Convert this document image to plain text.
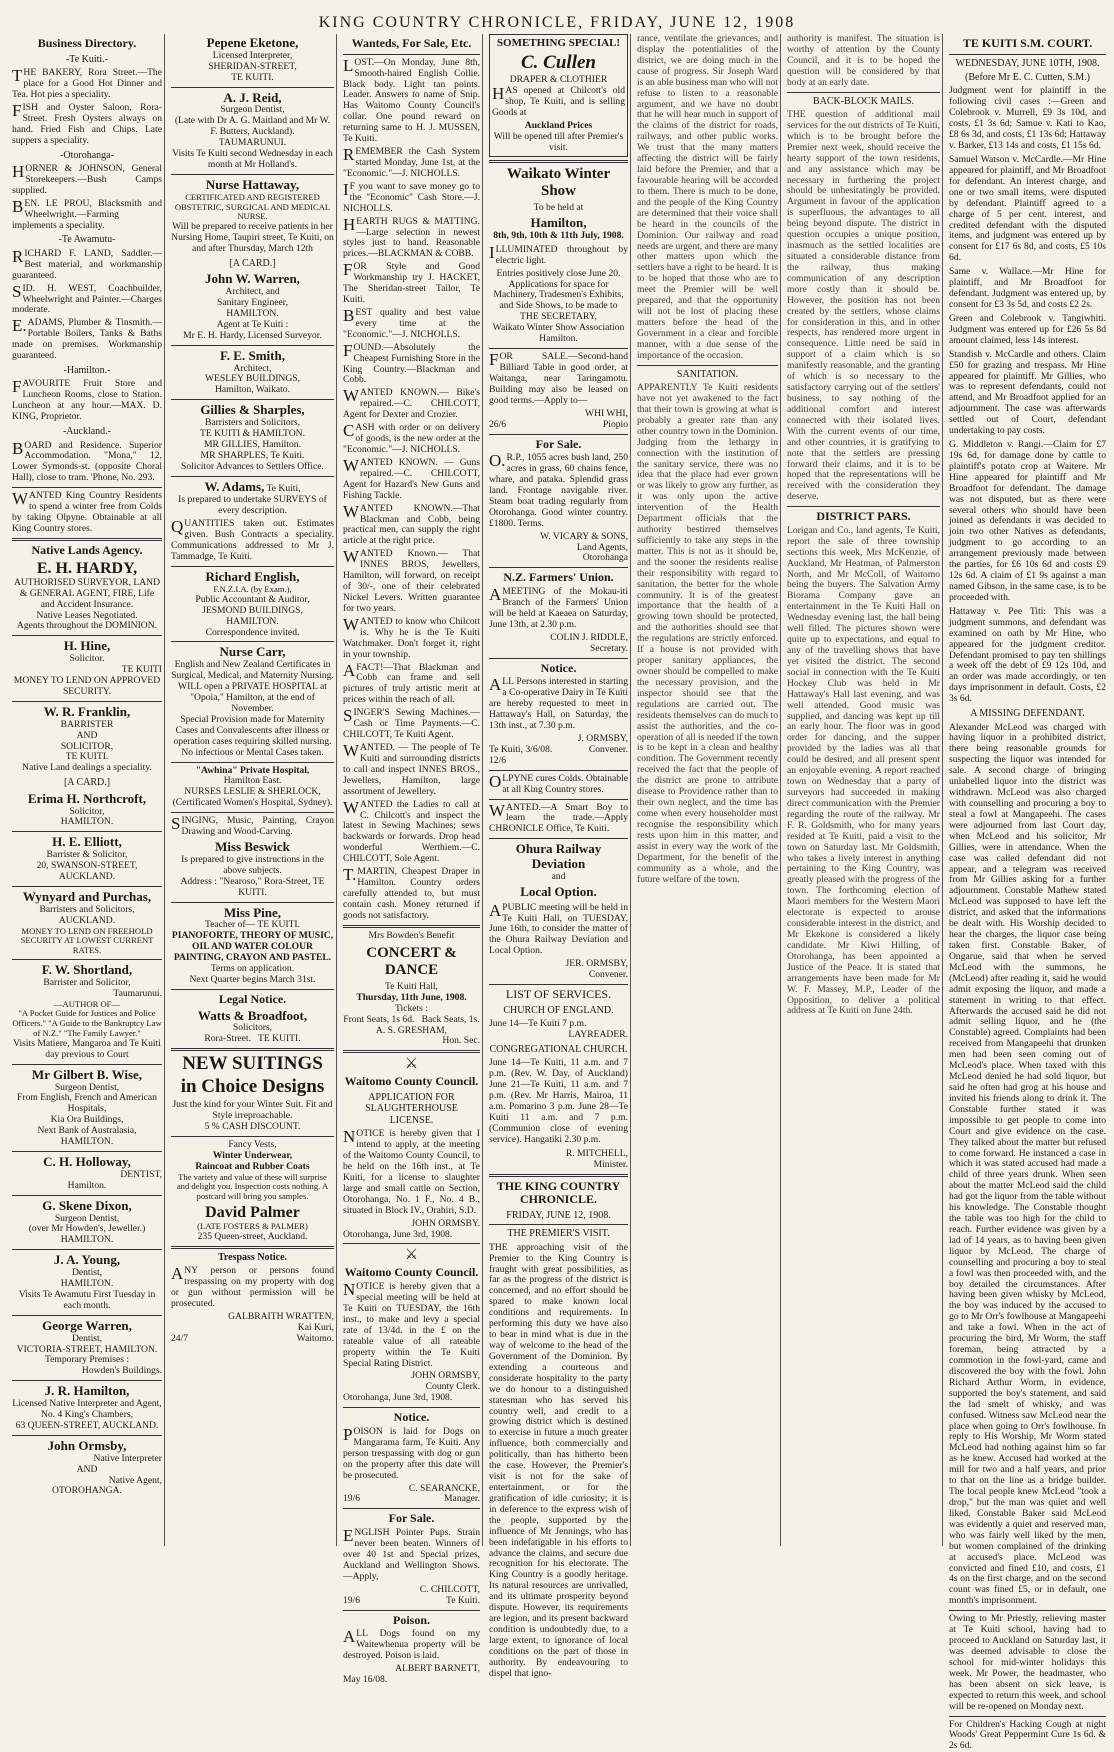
KING COUNTRY CHRONICLE, FRIDAY, JUNE 12, 1908
Business Directory.
-Te Kuiti.-

THE BAKERY, Rora Street.—The place for a Good Hot Dinner and Tea. Hot pies a speciality.

FISH and Oyster Saloon, Rora-Street. Fresh Oysters always on hand. Fried Fish and Chips. Late suppers a speciality.

-Otorohanga-

HORNER & JOHNSON, General Storekeepers.—Bush Camps supplied.

BEN. LE PROU, Blacksmith and Wheelwright.—Farming implements a speciality.

-Te Awamutu-

RICHARD F. LAND, Saddler.—Best material, and workmanship guaranteed.

SID. H. WEST, Coachbuilder, Wheelwright and Painter.—Charges moderate.

E.ADAMS, Plumber & Tinsmith.—Portable Boilers, Tanks & Baths made on premises. Workmanship guaranteed.

-Hamilton.-

FAVOURITE Fruit Store and Luncheon Rooms, close to Station. Luncheon at any hour.—MAX. D. KING, Proprietor.

-Auckland.-

BOARD and Residence. Superior Accommodation. "Mona," 12, Lower Symonds-st. (opposite Choral Hall), close to tram. 'Phone, No. 293.

WANTED King Country Residents to spend a winter free from Colds by taking Olpyne. Obtainable at all King Country stores.

Native Lands Agency.
E. H. HARDY,
AUTHORISED SURVEYOR, LAND & GENERAL AGENT, FIRE, Life and Accident Insurance.
Native Leases Negotiated.
Agents throughout the DOMINION.
H. Hine,
Solicitor.
TE KUITI
MONEY TO LEND ON APPROVED SECURITY.
W. R. Franklin,
BARRISTER
AND
SOLICITOR,
TE KUITI.
Native Land dealings a speciality.
[A CARD.]
Erima H. Northcroft,
Solicitor,
HAMILTON.
H. E. Elliott,
Barrister & Solicitor,
20, SWANSON-STREET,
AUCKLAND.
Wynyard and Purchas,
Barristers and Solicitors,
AUCKLAND.
MONEY TO LEND ON FREEHOLD SECURITY AT LOWEST CURRENT RATES.
F. W. Shortland,
Barrister and Solicitor,
Taumarunui.
—AUTHOR OF—
"A Pocket Guide for Justices and Police Officers." "A Guide to the Bankruptcy Law of N.Z." "The Family Lawyer."
Visits Matiere, Mangaroa and Te Kuiti day previous to Court
Mr Gilbert B. Wise,
Surgeon Dentist,
From English, French and American Hospitals,
Kia Ora Buildings,
Next Bank of Australasia,
HAMILTON.
C. H. Holloway,
DENTIST,
Hamilton.
G. Skene Dixon,
Surgeon Dentist,
(over Mr Howden's, Jeweller.)
HAMILTON.
J. A. Young,
Dentist,
HAMILTON.
Visits Te Awamutu First Tuesday in each month.
George Warren,
Dentist,
VICTORIA-STREET, HAMILTON.
Temporary Premises :
Howden's Buildings.
J. R. Hamilton,
Licensed Native Interpreter and Agent,
No. 4 King's Chambers,
63 QUEEN-STREET, AUCKLAND.
John Ormsby,
Native Interpreter
AND
Native Agent,
OTOROHANGA.
Pepene Eketone,
Licensed Interpreter,
SHERIDAN-STREET,
TE KUITI.
A. J. Reid,
Surgeon Dentist,
(Late with Dr A. G. Maitland and Mr W. F. Butters, Auckland).
TAUMARUNUI.
Visits Te Kuiti second Wednesday in each month at Mr Holland's.
Nurse Hattaway,
CERTIFICATED AND REGISTERED OBSTETRIC, SURGICAL AND MEDICAL NURSE.
Will be prepared to receive patients in her Nursing Home, Taupiri street, Te Kuiti, on and after Thursday, March 12th
[A CARD.]
John W. Warren,
Architect, and
Sanitary Engineer,
HAMILTON.
Agent at Te Kuiti :
Mr E. H. Hardy, Licensed Surveyor.
F. E. Smith,
Architect,
WESLEY BUILDINGS,
Hamilton, Waikato.
Gillies & Sharples,
Barristers and Solicitors,
TE KUITI & HAMILTON.
MR GILLIES, Hamilton.
MR SHARPLES, Te Kuiti.
Solicitor Advances to Settlers Office.
W. Adams, Te Kuiti,
Is prepared to undertake SURVEYS of every description.

QUANTITIES taken out. Estimates given. Bush Contracts a speciality. Communications addressed to Mr J. Tammadge, Te Kuiti.

Richard English,
F.N.Z.I.A. (by Exam.),
Public Accountant & Auditor,
JESMOND BUILDINGS,
HAMILTON.
Correspondence invited.
Nurse Carr,
English and New Zealand Certificates in Surgical, Medical, and Maternity Nursing.
WILL open a PRIVATE HOSPITAL at "Opoia," Hamilton, at the end of November.
Special Provision made for Maternity Cases and Convalescents after illness or operation cases requiring skilled nursing.
No infectious or Mental Cases taken.
"Awhina" Private Hospital,
Hamilton East.
NURSES LESLIE & SHERLOCK,
(Certificated Women's Hospital, Sydney).

SINGING, Music, Painting, Crayon Drawing and Wood-Carving.

Miss Beswick
Is prepared to give instructions in the above subjects.
Address : "Nearoso," Rora-Street, TE KUITI.
Miss Pine,
Teacher of— TE KUITI.
PIANOFORTE, THEORY OF MUSIC, OIL AND WATER COLOUR PAINTING, CRAYON AND PASTEL.
Terms on application.
Next Quarter begins March 31st.
Legal Notice.
Watts & Broadfoot,
Solicitors,
Rora-Street. TE KUITI.
NEW SUITINGS
in Choice Designs
Just the kind for your Winter Suit. Fit and Style irreproachable.
5 % CASH DISCOUNT.
Fancy Vests,
Winter Underwear,
Raincoat and Rubber Coats
The variety and value of these will surprise and delight you. Inspection costs nothing. A postcard will bring you samples.
David Palmer
(LATE FOSTERS & PALMER)
235 Queen-street, Auckland.
Trespass Notice.

ANY person or persons found trespassing on my property with dog or gun without permission will be prosecuted.

GALBRAITH WRATTEN,
Kai Kuri,
24/7	Waitomo.
Wanteds, For Sale, Etc.

LOST.—On Monday, June 8th, Smooth-haired English Collie. Black body. Light tan points. Leader. Answers to name of Snip. Has Waitomo County Council's collar. One pound reward on returning same to H. J. MUSSEN, Te Kuiti.

REMEMBER the Cash System started Monday, June 1st, at the "Economic."—J. NICHOLLS.

IF you want to save money go to the "Economic" Cash Store.—J. NICHOLLS.

HEARTH RUGS & MATTING.—Large selection in newest styles just to hand. Reasonable prices.—BLACKMAN & COBB.

FOR Style and Good Workmanship try J. HACKET, The Sheridan-street Tailor, Te Kuiti.

BEST quality and best value every time at the "Economic."—J. NICHOLLS.

FOUND.—Absolutely the Cheapest Furnishing Store in the King Country.—Blackman and Cobb.

WANTED KNOWN.— Bike's repaired.—C. CHILCOTT, Agent for Dexter and Crozier.

CASH with order or on delivery of goods, is the new order at the "Economic."—J. NICHOLLS.

WANTED KNOWN. — Guns repaired.—C. CHILCOTT, Agent for Hazard's New Guns and Fishing Tackle.

WANTED KNOWN.—That Blackman and Cobb, being practical men, can supply the right article at the right price.

WANTED Known.— That INNES BROS, Jewellers, Hamilton, will forward, on receipt of 30/-, one of their celebrated Nickel Levers. Written guarantee for two years.

WANTED to know who Chilcott is. Why he is the Te Kuiti Watchmaker. Don't forget it, right in your township.

AFACT!—That Blackman and Cobb can frame and sell pictures of truly artistic merit at prices within the reach of all.

SINGER'S Sewing Machines.—Cash or Time Payments.—C. CHILCOTT, Te Kuiti Agent.

WANTED. — The people of Te Kuiti and surrounding districts to call and inspect INNES BROS., Jewellers, Hamilton, large assortment of Jewellery.

WANTED the Ladies to call at C. Chilcott's and inspect the latest in Sewing Machines; sews backwards or forwards. Drop head wonderful Werthiem.—C. CHILCOTT, Sole Agent.

T.MARTIN, Cheapest Draper in Hamilton. Country orders carefully attended to, but must contain cash. Money returned if goods not satisfactory.

Mrs Bowden's Benefit
CONCERT & DANCE
Te Kuiti Hall,
Thursday, 11th June, 1908.
Tickets :
Front Seats, 1s 6d. Back Seats, 1s.
A. S. GRESHAM,
Hon. Sec.
⚔
Waitomo County Council.
APPLICATION FOR SLAUGHTERHOUSE LICENSE.

NOTICE is hereby given that I intend to apply, at the meeting of the Waitomo County Council, to be held on the 16th inst., at Te Kuiti, for a license to slaughter large and small cattle on Section, Otorohanga, No. 1 F., No. 4 B., situated in Block IV., Orahiri, S.D.

JOHN ORMSBY.
Otorohanga, June 3rd, 1908.
⚔
Waitomo County Council.

NOTICE is hereby given that a special meeting will be held at Te Kuiti on TUESDAY, the 16th inst., to make and levy a special rate of 13/4d. in the £ on the rateable value of all rateable property within the Te Kuiti Special Rating District.

JOHN ORMSBY,
County Clerk.
Otorohanga, June 3rd, 1908.
Notice.

POISON is laid for Dogs on Mangarama farm, Te Kuiti. Any person trespassing with dog or gun on the property after this date will be prosecuted.

C. SEARANCKE,
19/6	Manager.
For Sale.

ENGLISH Pointer Pups. Strain never been beaten. Winners of over 40 1st and Special prizes, Auckland and Wellington Shows.—Apply,

C. CHILCOTT,
19/6	Te Kuiti.
Poison.

ALL Dogs found on my Waitewhenua property will be destroyed. Poison is laid.

ALBERT BARNETT,
May 16/08.
SOMETHING SPECIAL!
C. Cullen
DRAPER & CLOTHIER

HAS opened at Chilcott's old shop, Te Kuiti, and is selling Goods at

Auckland Prices
Will be opened till after Premier's visit.
Waikato Winter Show
To be held at
Hamilton,
8th, 9th, 10th & 11th July, 1908.

ILLUMINATED throughout by electric light.

Entries positively close June 20.
Applications for space for Machinery, Tradesmen's Exhibits, and Side Shows, to be made to
THE SECRETARY,
Waikato Winter Show Association
Hamilton.

FOR SALE.—Second-hand Billiard Table in good order, at Waitanga, near Taringamotu. Building may also be leased on good terms.—Apply to—

WHI WHI,
26/6	Piopio
For Sale.

O.R.P., 1055 acres bush land, 250 acres in grass, 60 chains fence, whare, and pataka. Splendid grass land. Frontage navigable river. Steam boat trading regularly from Otorohanga. Good winter country. £1800. Terms.

W. VICARY & SONS,
Land Agents,
Otorohanga
N.Z. Farmers' Union.

AMEETING of the Mokau-iti Branch of the Farmers' Union will be held at Kaeaea on Saturday, June 13th, at 2.30 p.m.

COLIN J. RIDDLE,
Secretary.
Notice.

ALL Persons interested in starting a Co-operative Dairy in Te Kuiti are hereby requested to meet in Hattaway's Hall, on Saturday, the 13th inst., at 7.30 p.m.

J. ORMSBY,
Te Kuiti, 3/6/08.	Convener.
12/6

OLPYNE cures Colds. Obtainable at all King Country stores.

WANTED.—A Smart Boy to learn the trade.—Apply CHRONICLE Office, Te Kuiti.

Ohura Railway Deviation
and
Local Option.

APUBLIC meeting will be held in Te Kuiti Hall, on TUESDAY, June 16th, to consider the matter of the Ohura Railway Deviation and Local Option.

JER. ORMSBY,
Convener.
LIST OF SERVICES.
CHURCH OF ENGLAND.
June 14—Te Kuiti 7 p.m.
LAYREADER.
CONGREGATIONAL CHURCH.

June 14—Te Kuiti, 11 a.m. and 7 p.m. (Rev. W. Day, of Auckland) June 21—Te Kuiti, 11 a.m. and 7 p.m. (Rev. Mr Harris, Mairoa, 11 a.m. Pomarino 3 p.m. June 28—Te Kuiti 11 a.m. and 7 p.m. (Communion close of evening service). Hangatiki 2.30 p.m.

R. MITCHELL,
Minister.
THE KING COUNTRY CHRONICLE.
FRIDAY, JUNE 12, 1908.
THE PREMIER'S VISIT.

THE approaching visit of the Premier to the King Country is fraught with great possibilities, as far as the progress of the district is concerned, and no effort should be spared to make known local conditions and requirements. In performing this duty we have also to bear in mind what is due in the way of welcome to the head of the Government of the Dominion. By extending a courteous and considerate hospitality to the party we do honour to a distinguished statesman who has served his country well, and credit to a growing district which is destined to exercise in future a much greater influence, both commercially and politically, than has hitherto been the case. However, the Premier's visit is not for the sake of entertainment, or for the gratification of idle curiosity; it is in deference to the express wish of the people, supported by the influence of Mr Jennings, who has been indefatigable in his efforts to advance the claims, and secure due recognition for his electorate. The King Country is a goodly heritage. Its natural resources are unrivalled, and its ultimate prosperity beyond dispute. However, its requirements are legion, and its present backward condition is undoubtedly due, to a large extent, to ignorance of local conditions on the part of those in authority. By endeavouring to dispel that igno-

rance, ventilate the grievances, and display the potentialities of the district, we are doing much in the cause of progress. Sir Joseph Ward is an able business man who will not refuse to listen to a reasonable argument, and we have no doubt that he will hear much in support of the claims of the district for roads, railways, and other public works. We trust that the many matters affecting the district will be fairly laid before the Premier, and that a favourable hearing will be accorded to them. There is much to be done, and the people of the King Country are determined that their voice shall be heard in the councils of the Dominion. Our railway and road needs are urgent, and there are many other matters upon which the settlers have a right to be heard. It is to be hoped that those who are to meet the Premier will be well prepared, and that the opportunity will not be lost of placing these matters before the head of the Government in a clear and forcible manner, with a due sense of the importance of the occasion.

SANITATION.

APPARENTLY Te Kuiti residents have not yet awakened to the fact that their town is growing at what is probably a greater rate than any other country town in the Dominion. Judging from the lethargy in connection with the institution of the sanitary service, there was no idea that the place had ever grown or was likely to grow any further, as it was only upon the active intervention of the Health Department officials that the authority bestirred themselves sufficiently to take any steps in the matter. This is not as it should be, and the sooner the residents realise their responsibility with regard to sanitation, the better for the whole community. It is of the greatest importance that the health of a growing town should be protected, and the authorities should see that the regulations are strictly enforced. If a house is not provided with proper sanitary appliances, the owner should be compelled to make the necessary provision, and the inspector should see that the regulations are carried out. The residents themselves can do much to assist the authorities, and the co-operation of all is needed if the town is to be kept in a clean and healthy condition. The Government recently received the fact that the people of the district are prone to attribute disease to Providence rather than to their own neglect, and the time has come when every householder must recognise the responsibility which rests upon him in this matter, and assist in every way the work of the Department, for the benefit of the community as a whole, and the future welfare of the town.

authority is manifest. The situation is worthy of attention by the County Council, and it is to be hoped the question will be considered by that body at an early date.

BACK-BLOCK MAILS.

THE question of additional mail services for the out districts of Te Kuiti, which is to be brought before the Premier next week, should receive the hearty support of the town residents, and any assistance which may be necessary in furthering the project should be unhesitatingly be provided. Argument in favour of the application is superfluous, the advantages to all being beyond dispute. The district in question occupies a unique position, inasmuch as the settled localities are situated a considerable distance from the railway, thus making communication of any description more costly than it should be. However, the position has not been created by the settlers, whose claims for consideration in this, and in other respects, has rendered more urgent in consequence. Little need be said in support of a claim which is so manifestly reasonable, and the granting of which is so necessary to the satisfactory carrying out of the settlers' business, to say nothing of the additional comfort and interest connected with their isolated lives. With the current events of our time, and other countries, it is gratifying to note that the settlers are pressing forward their claims, and it is to be hoped that the representations will be received with the consideration they deserve.

DISTRICT PARS.

Lorigan and Co., land agents, Te Kuiti, report the sale of three township sections this week, Mrs McKenzie, of Auckland, Mr Heatman, of Palmerston North, and Mr McColl, of Waitomo being the buyers. The Salvation Army Biorama Company gave an entertainment in the Te Kuiti Hall on Wednesday evening last, the hall being well filled. The pictures shown were quite up to expectations, and equal to any of the travelling shows that have yet visited the district. The second social in connection with the Te Kuiti Hockey Club was held in Mr Hattaway's Hall last evening, and was well attended. Good music was supplied, and dancing was kept up till an early hour. The floor was in good order for dancing, and the supper provided by the ladies was all that could be desired, and all present spent an enjoyable evening. A report reached town on Wednesday that a party of surveyors had succeeded in making direct communication with the Premier regarding the route of the railway. Mr F. R. Goldsmith, who for many years resided at Te Kuiti, paid a visit to the town on Saturday last. Mr Goldsmith, who takes a lively interest in anything pertaining to the King Country, was greatly pleased with the progress of the town. The forthcoming election of Maori members for the Western Maori electorate is expected to arouse considerable interest in the district, and Mr Ekekone is considered a likely candidate. Mr Kiwi Hilling, of Otorohanga, has been appointed a Justice of the Peace. It is stated that arrangements have been made for Mr W. F. Massey, M.P., Leader of the Opposition, to deliver a political address at Te Kuiti on June 24th.

TE KUITI S.M. COURT.
WEDNESDAY, JUNE 10TH, 1908.
(Before Mr E. C. Cutten, S.M.)

Judgment went for plaintiff in the following civil cases :—Green and Colebrook v. Murrell, £9 3s 10d, and costs, £1 3s 6d; Samue v. Kati to Kao, £8 6s 3d, and costs, £1 13s 6d; Hattaway v. Barker, £13 14s and costs, £1 15s 6d.

Samuel Watson v. McCardle.—Mr Hine appeared for plaintiff, and Mr Broadfoot for defendant. An interest charge, and one or two small items, were disputed by defendant. Plaintiff agreed to a charge of 5 per cent. interest, and credited defendant with the disputed items, and judgment was entered up by consent for £17 6s 8d, and costs, £5 10s 6d.

Same v. Wallace.—Mr Hine for plaintiff, and Mr Broadfoot for defendant. Judgment was entered up, by consent for £3 3s 5d, and costs £2 2s.

Green and Colebrook v. Tangiwhiti. Judgment was entered up for £26 5s 8d amount claimed, less 14s interest.

Standish v. McCardle and others. Claim £50 for grazing and trespass. Mr Hine appeared for plaintiff. Mr Gillies, who was to represent defendants, could not attend, and Mr Broadfoot applied for an adjournment. The case was afterwards settled out of Court, defendant undertaking to pay costs.

G. Middleton v. Rangi.—Claim for £7 19s 6d, for damage done by cattle to plaintiff's potato crop at Waitere. Mr Hine appeared for plaintiff and Mr Broadfoot for defendant. The damage was not disputed, but as there were several others who should have been joined as defendants it was decided to join two other Natives as defendants, judgment to go according to an arrangement previously made between the parties, for £6 10s 6d and costs £9 12s 6d. A claim of £1 9s against a man named Gibson, in the same case, is to be proceeded with.

Hattaway v. Pee Titi: This was a judgment summons, and defendant was examined on oath by Mr Hine, who appeared for the judgment creditor. Defendant promised to pay ten shillings a week off the debt of £9 12s 10d, and an order was made accordingly, or ten days imprisonment in default. Costs, £2 3s 6d.

A MISSING DEFENDANT.

Alexander McLeod was charged with having liquor in a prohibited district, there being reasonable grounds for suspecting the liquor was intended for sale. A second charge of bringing unlabelled liquor into the district was withdrawn. McLeod was also charged with counselling and procuring a boy to steal a fowl at Mangapeehi. The cases were adjourned from last Court day, when McLeod and his solicitor, Mr Gillies, were in attendance. When the case was called defendant did not appear, and a telegram was received from Mr Gillies asking for a further adjournment. Constable Mathew stated McLeod was supposed to have left the district, and asked that the informations be dealt with. His Worship decided to hear the charges, the liquor case being taken first. Constable Baker, of Ongarue, said that when he served McLeod with the summons, he (McLeod) after reading it, said he would admit exposing the liquor, and made a statement in writing to that effect. Afterwards the accused said he did not admit selling liquor, and he (the Constable) agreed. Complaints had been received from Mangapeehi that drunken men had been seen coming out of McLeod's place. When taxed with this McLeod denied he had sold liquor, but said he often had grog at his house and invited his friends along to drink it. The Constable further stated it was impossible to get people to come into Court and give evidence on the case. They talked about the matter but refused to come forward. He instanced a case in which it was stated accused had made a child of three years drunk. When seen about the matter McLeod said the child had got the liquor from the table without his knowledge. The Constable thought the table was too high for the child to reach. Further evidence was given by a lad of 14 years, as to having been given liquor by McLeod. The charge of counselling and procuring a boy to steal a fowl was then proceeded with, and the boy detailed the circumstances. After having been given whisky by McLeod, the boy was induced by the accused to go to Mr Orr's fowlhouse at Mangapeehi and take a fowl. When in the act of procuring the bird, Mr Worm, the staff foreman, being attracted by a commotion in the fowl-yard, came and discovered the boy with the fowl. John Richard Arthur Worm, in evidence, supported the boy's statement, and said the lad smelt of whisky, and was confused. Witness saw McLeod near the place when going to Orr's fowlhouse. In reply to His Worship, Mr Worm stated McLeod had nothing against him so far as he knew. Accused had worked at the mill for two and a half years, and prior to that on the line as a bridge builder. The local people knew McLeod "took a drop," but the man was quiet and well liked. Constable Baker said McLeod was evidently a quiet and reserved man, who was fairly well liked by the men, but women complained of the drinking at accused's place. McLeod was convicted and fined £10, and costs, £1 4s on the first charge, and on the second count was fined £5, or in default, one month's imprisonment.

Owing to Mr Priestly, relieving master at Te Kuiti school, having had to proceed to Auckland on Saturday last, it was deemed advisable to close the school for mid-winter holidays this week. Mr Power, the headmaster, who has been absent on sick leave, is expected to return this week, and school will be re-opened on Monday next.

For Children's Hacking Cough at night Woods' Great Peppermint Cure 1s 6d. & 2s 6d.
